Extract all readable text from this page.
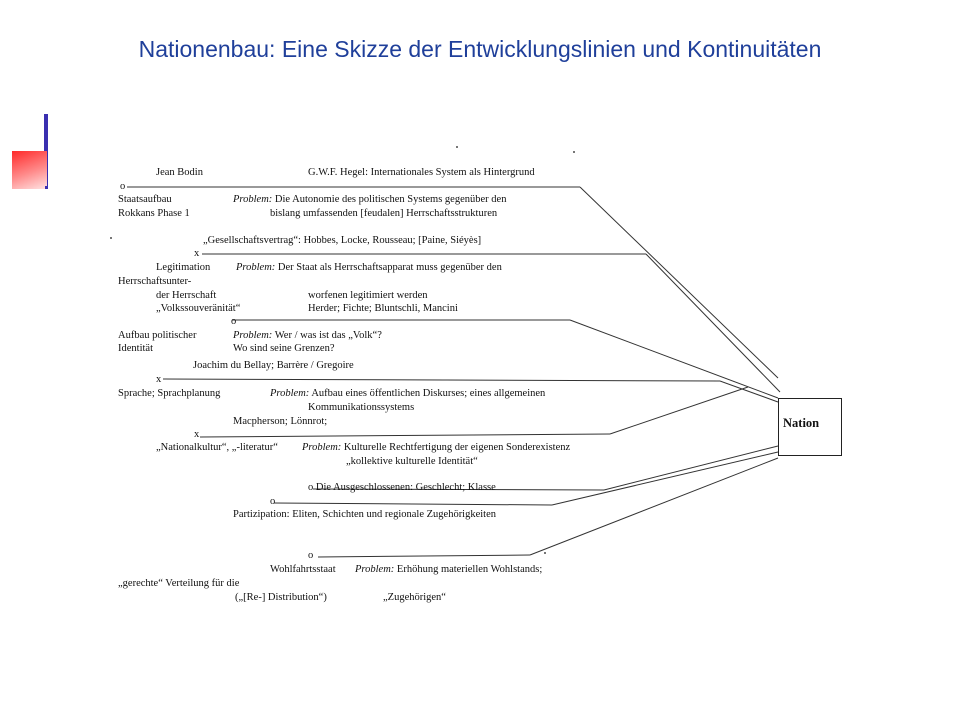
Nationenbau: Eine Skizze der Entwicklungslinien und Kontinuitäten
Jean Bodin	G.W.F. Hegel: Internationales System als Hintergrund
o
Staatsaufbau	Problem: Die Autonomie des politischen Systems gegenüber den
Rokkans Phase 1	bislang umfassenden [feudalen] Herrschaftsstrukturen
„Gesellschaftsvertrag“: Hobbes, Locke, Rousseau; [Paine, Siéyès]
x
Legitimation Problem: Der Staat als Herrschaftsapparat muss gegenüber den
Herrschaftsunter-
der Herrschaft	worfenen legitimiert werden
„Volkssouveränität“	Herder; Fichte; Bluntschli, Mancini
o
Aufbau politischer	Problem: Wer / was ist das „Volk“?
Identität	Wo sind seine Grenzen?
Joachim du Bellay; Barrère / Gregoire
x
Sprache; Sprachplanung	Problem: Aufbau eines öffentlichen Diskurses; eines allgemeinen
Kommunikationssystems
Macpherson; Lönnrot;
x
„Nationalkultur“, „-literatur“ Problem: Kulturelle Rechtfertigung der eigenen Sonderexistenz
„kollektive kulturelle Identität“
o Die Ausgeschlossenen: Geschlecht; Klasse
o
Partizipation: Eliten, Schichten und regionale Zugehörigkeiten
o
Wohlfahrtsstaat Problem: Erhöhung materiellen Wohlstands;
„gerechte“ Verteilung für die
(„[Re-] Distribution“)	„Zugehörigen“
Nation
